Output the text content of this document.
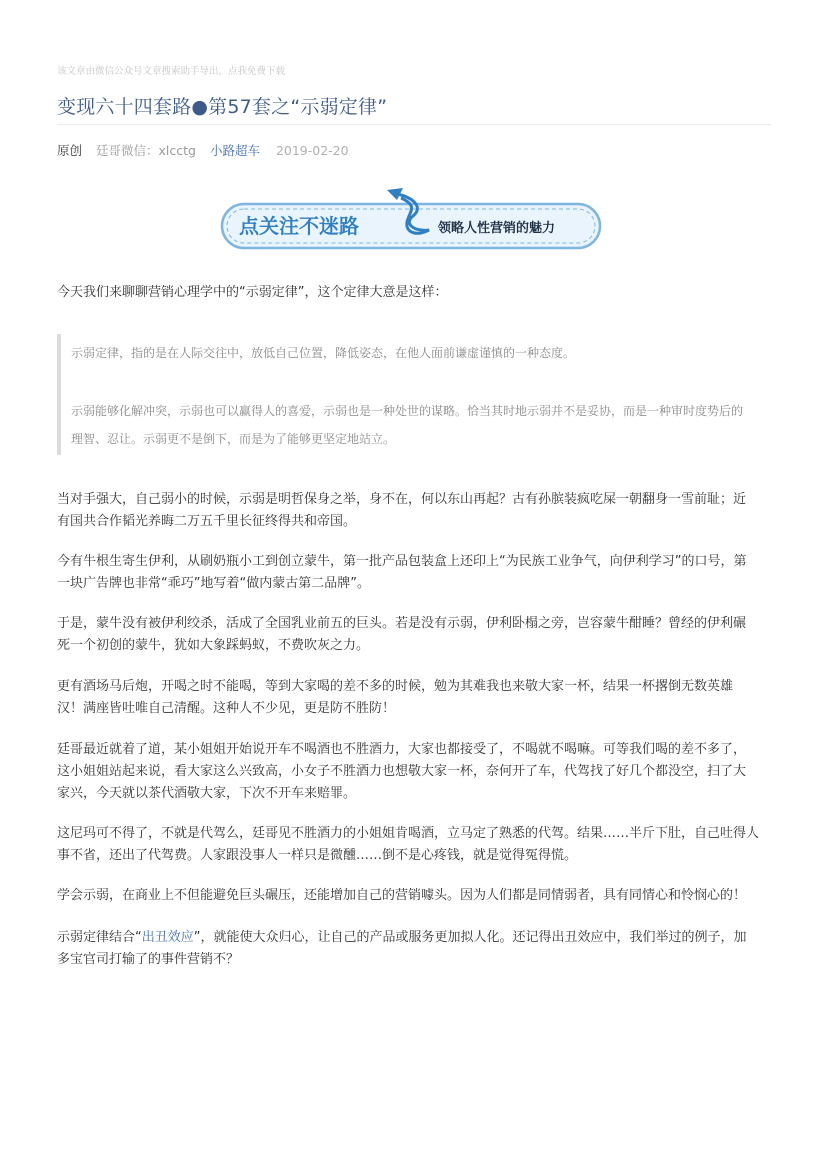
该文章由微信公众号文章搜索助手导出，点我免费下载
变现六十四套路●第57套之“示弱定律”
原创 廷哥微信：xlcctg 小路超车 2019-02-20
点关注不迷路	领略人性营销的魅力
今天我们来聊聊营销心理学中的“示弱定律”，这个定律大意是这样：
示弱定律，指的是在人际交往中，放低自己位置，降低姿态，在他人面前谦虚谨慎的一种态度。
示弱能够化解冲突，示弱也可以赢得人的喜爱，示弱也是一种处世的谋略。恰当其时地示弱并不是妥协，而是一种审时度势后的
理智、忍让。示弱更不是倒下，而是为了能够更坚定地站立。
当对手强大，自己弱小的时候，示弱是明哲保身之举，身不在，何以东山再起？古有孙膑装疯吃屎一朝翻身一雪前耻；近
有国共合作韬光养晦二万五千里长征终得共和帝国。
今有牛根生寄生伊利，从刷奶瓶小工到创立蒙牛，第一批产品包装盒上还印上“为民族工业争气，向伊利学习”的口号，第
一块广告牌也非常“乖巧”地写着“做内蒙古第二品牌”。
于是，蒙牛没有被伊利绞杀，活成了全国乳业前五的巨头。若是没有示弱，伊利卧榻之旁，岂容蒙牛酣睡？曾经的伊利碾
死一个初创的蒙牛，犹如大象踩蚂蚁，不费吹灰之力。
更有酒场马后炮，开喝之时不能喝，等到大家喝的差不多的时候，勉为其难我也来敬大家一杯，结果一杯撂倒无数英雄
汉！满座皆吐唯自己清醒。这种人不少见，更是防不胜防！
廷哥最近就着了道，某小姐姐开始说开车不喝酒也不胜酒力，大家也都接受了，不喝就不喝嘛。可等我们喝的差不多了，
这小姐姐站起来说，看大家这么兴致高，小女子不胜酒力也想敬大家一杯，奈何开了车，代驾找了好几个都没空，扫了大
家兴，今天就以茶代酒敬大家，下次不开车来赔罪。
这尼玛可不得了，不就是代驾么，廷哥见不胜酒力的小姐姐肯喝酒，立马定了熟悉的代驾。结果……半斤下肚，自己吐得人
事不省，还出了代驾费。人家跟没事人一样只是微醺……倒不是心疼钱，就是觉得冤得慌。
学会示弱，在商业上不但能避免巨头碾压，还能增加自己的营销噱头。因为人们都是同情弱者，具有同情心和怜悯心的！
示弱定律结合“出丑效应”，就能使大众归心，让自己的产品或服务更加拟人化。还记得出丑效应中，我们举过的例子，加
多宝官司打输了的事件营销不？
